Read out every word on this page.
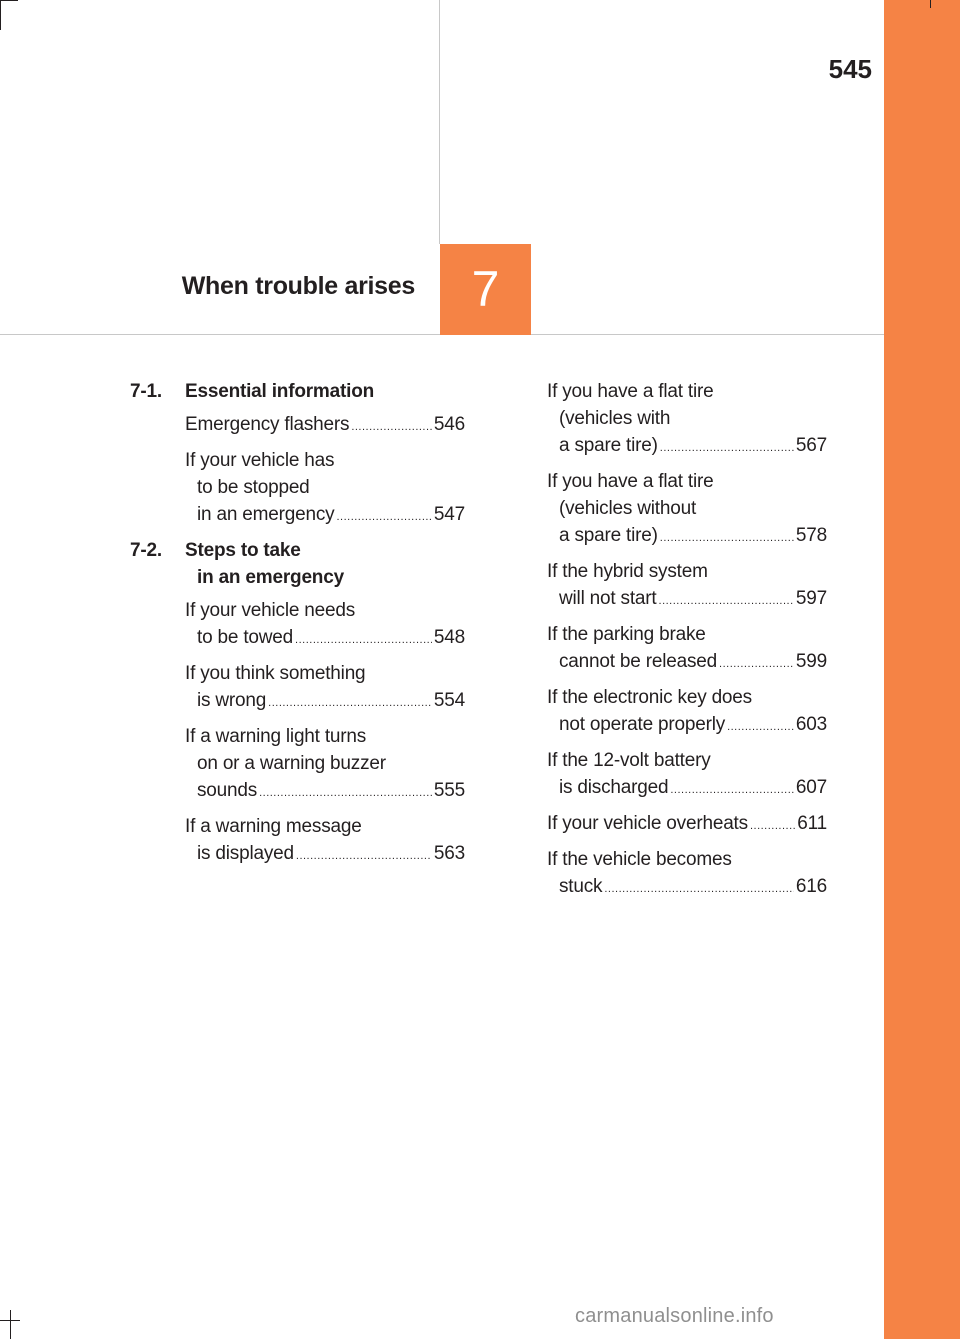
545
When trouble arises	7
7-1. Essential information
Emergency flashers .....	546
If your vehicle has
to be stopped
in an emergency .....	547
7-2. Steps to take
in an emergency
If your vehicle needs
to be towed .....	548
If you think something
is wrong .....	554
If a warning light turns
on or a warning buzzer
sounds .....	555
If a warning message
is displayed .....	563
If you have a flat tire
(vehicles with
a spare tire) .....	567
If you have a flat tire
(vehicles without
a spare tire) .....	578
If the hybrid system
will not start .....	597
If the parking brake
cannot be released .....	599
If the electronic key does
not operate properly .....	603
If the 12-volt battery
is discharged .....	607
If your vehicle overheats .....	611
If the vehicle becomes
stuck .....	616
carmanualsonline.info
